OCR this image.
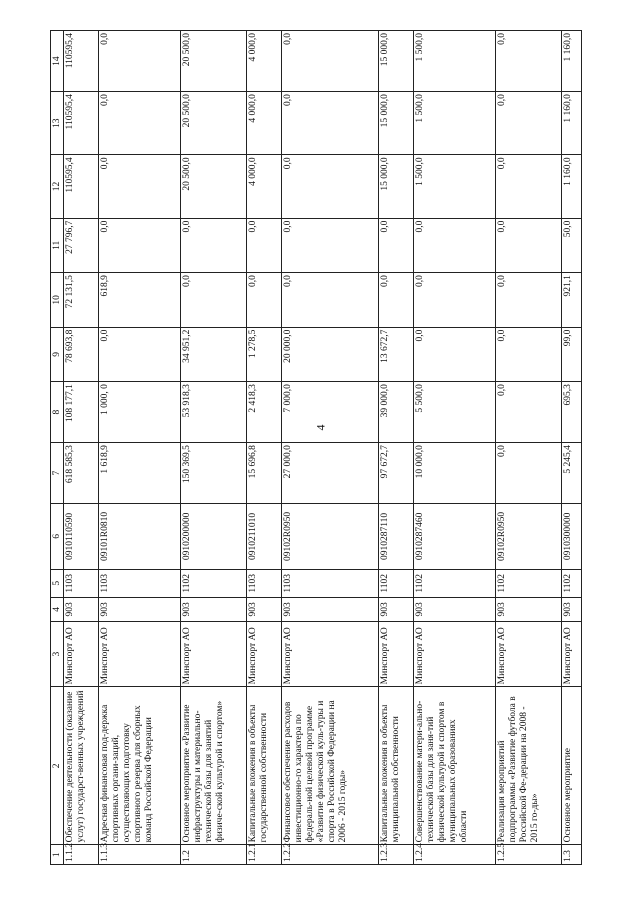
4
1	2	3	4	5	6	7	8	9	10	11	12	13	14
1.1.2	Обеспечение деятельности (оказание услуг) государст-венных учреждений	Минспорт АО	903	1103	0910110590	618 585,3	108 177,1	78 693,8	72 131,5	27 796,7	110595,4	110595,4	110595,4
1.1.3	Адресная финансовая под-держка спортивных органи-заций, осуществляющих подготовку спортивного резерва для сборных команд Российской Федерации	Минспорт АО	903	1103	09101R0810	1 618,9	1 000, 0	0,0	618,9	0,0	0,0	0,0	0,0
1.2	Основное мероприятие «Развитие инфраструктуры и материально-технической базы для занятий физиче-ской культурой и спортом»	Минспорт АО	903	1102	0910200000	150 369,5	53 918,3	34 951,2	0,0	0,0	20 500,0	20 500,0	20 500,0
1.2.1	Капитальные вложения в объекты государственной собственности	Минспорт АО	903	1103	0910211010	15 696,8	2 418,3	1 278,5	0,0	0,0	4 000,0	4 000,0	4 000,0
1.2.2	Финансовое обеспечение расходов инвестиционно-го характера по федераль-ной целевой программе «Развитие физической куль-туры и спорта в Российской Федерации на 2006 - 2015 годы»	Минспорт АО	903	1103	09102R0950	27 000,0	7 000,0	20 000,0	0,0	0,0	0,0	0,0	0,0
1.2.3	Капитальные вложения в объекты муниципальной собственности	Минспорт АО	903	1102	0910287110	97 672,7	39 000,0	13 672,7	0,0	0,0	15 000,0	15 000,0	15 000,0
1.2.4	Совершенствование матери-ально-технической базы для заня-тий физической культурой и спортом в муниципальных образованиях области	Минспорт АО	903	1102	0910287460	10 000,0	5 500,0	0,0	0,0	0,0	1 500,0	1 500,0	1 500,0
1.2.5	Реализация мероприятий подпрограммы «Развитие футбола в Российской Фе-дерации на 2008 - 2015 го-ды»	Минспорт АО	903	1102	09102R0950	0,0	0,0	0,0	0,0	0,0	0,0	0,0	0,0
1.3	Основное мероприятие	Минспорт АО	903	1102	0910300000	5 245,4	695,3	99,0	921,1	50,0	1 160,0	1 160,0	1 160,0
